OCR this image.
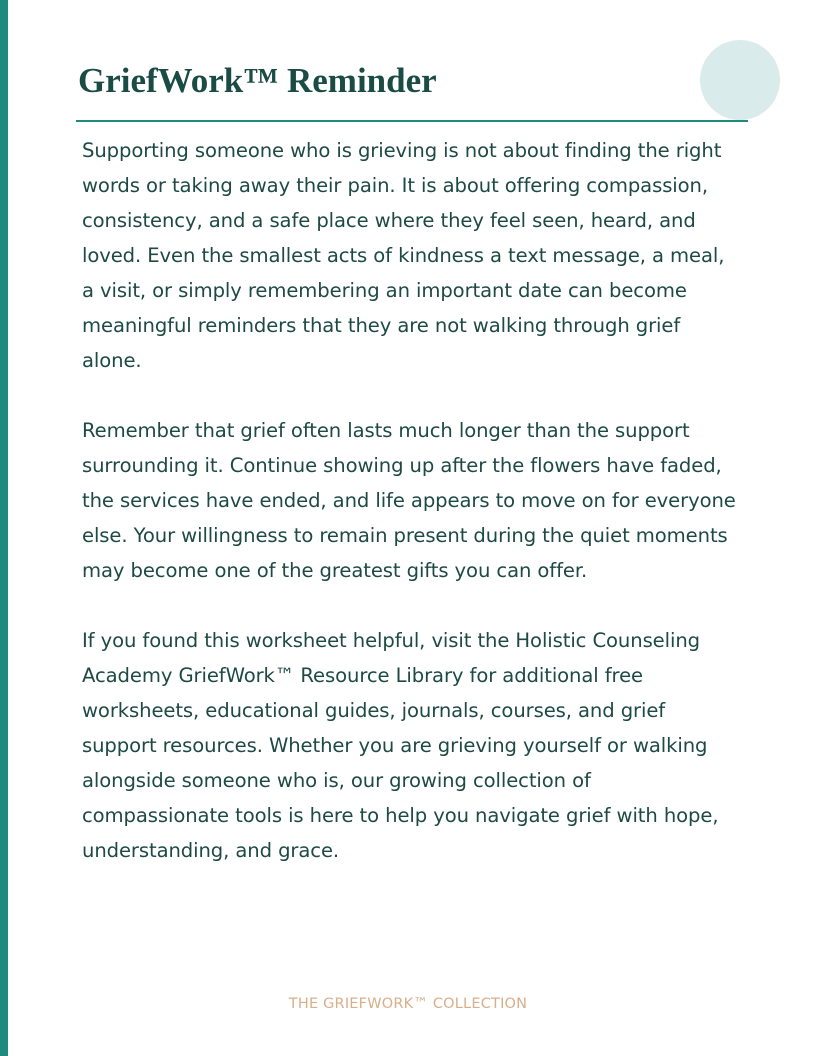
GriefWork™ Reminder

Supporting someone who is grieving is not about finding the right words or taking away their pain. It is about offering compassion, consistency, and a safe place where they feel seen, heard, and loved. Even the smallest acts of kindness a text message, a meal, a visit, or simply remembering an important date can become meaningful reminders that they are not walking through grief alone.

Remember that grief often lasts much longer than the support surrounding it. Continue showing up after the flowers have faded, the services have ended, and life appears to move on for everyone else. Your willingness to remain present during the quiet moments may become one of the greatest gifts you can offer.

If you found this worksheet helpful, visit the Holistic Counseling Academy GriefWork™ Resource Library for additional free worksheets, educational guides, journals, courses, and grief support resources. Whether you are grieving yourself or walking alongside someone who is, our growing collection of compassionate tools is here to help you navigate grief with hope, understanding, and grace.

THE GRIEFWORK™ COLLECTION
